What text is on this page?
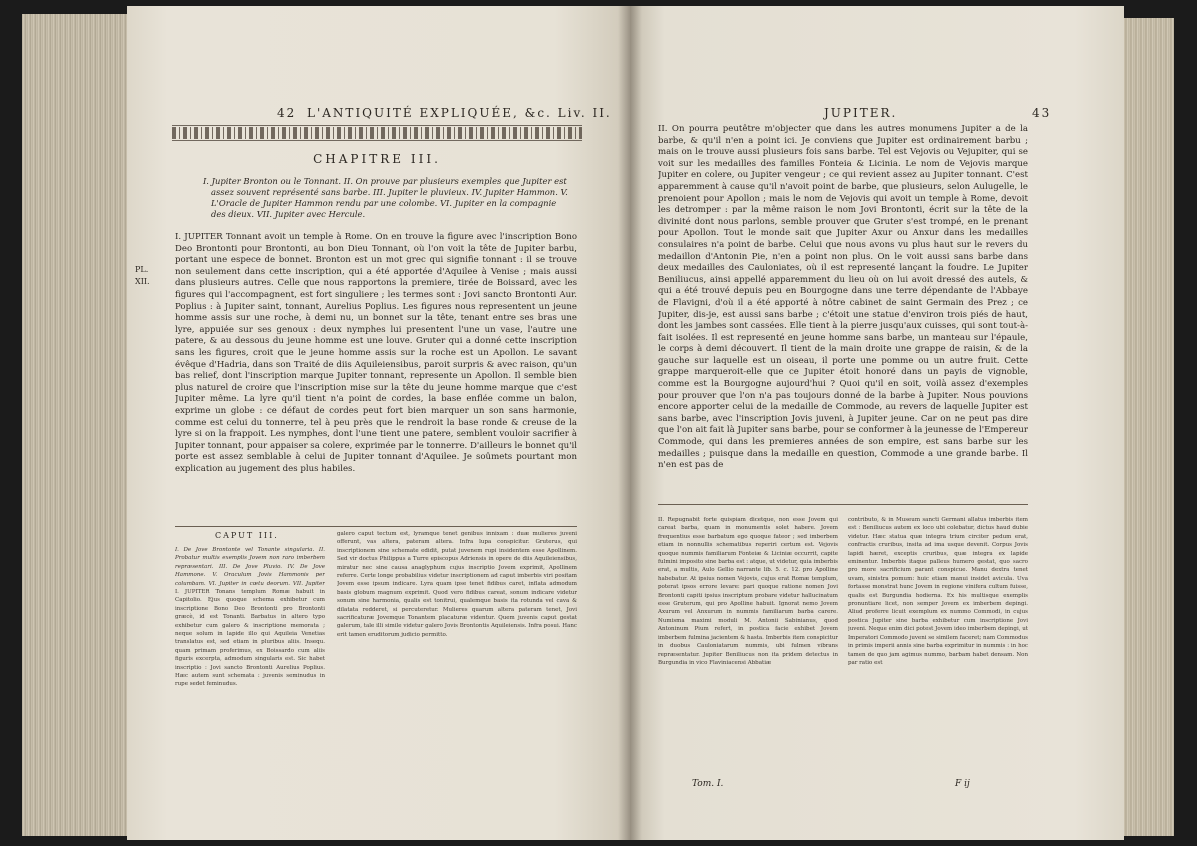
42 L'ANTIQUITÉ EXPLIQUÉE, &c. Liv. II.
CHAPITRE III.
I. Jupiter Bronton ou le Tonnant. II. On prouve par plusieurs exemples que Jupiter est assez souvent représenté sans barbe. III. Jupiter le pluvieux. IV. Jupiter Hammon. V. L'Oracle de Jupiter Hammon rendu par une colombe. VI. Jupiter en la compagnie des dieux. VII. Jupiter avec Hercule.
PL. XII.
I. JUPITER Tonnant avoit un temple à Rome. On en trouve la figure avec l'inscription Bono Deo Brontonti pour Brontonti, au bon Dieu Tonnant, où l'on voit la tête de Jupiter barbu, portant une espece de bonnet. Bronton est un mot grec qui signifie tonnant : il se trouve non seulement dans cette inscription, qui a été apportée d'Aquilee à Venise ; mais aussi dans plusieurs autres. Celle que nous rapportons la premiere, tirée de Boissard, avec les figures qui l'accompagnent, est fort singuliere ; les termes sont : Jovi sancto Brontonti Aur. Poplius : à Jupiter saint, tonnant, Aurelius Poplius. Les figures nous representent un jeune homme assis sur une roche, à demi nu, un bonnet sur la tête, tenant entre ses bras une lyre, appuiée sur ses genoux : deux nymphes lui presentent l'une un vase, l'autre une patere, & au dessous du jeune homme est une louve. Gruter qui a donné cette inscription sans les figures, croit que le jeune homme assis sur la roche est un Apollon. Le savant évêque d'Hadria, dans son Traité de diis Aquileiensibus, paroit surpris & avec raison, qu'un bas relief, dont l'inscription marque Jupiter tonnant, represente un Apollon. Il semble bien plus naturel de croire que l'inscription mise sur la tête du jeune homme marque que c'est Jupiter même. La lyre qu'il tient n'a point de cordes, la base enflée comme un balon, exprime un globe : ce défaut de cordes peut fort bien marquer un son sans harmonie, comme est celui du tonnerre, tel à peu près que le rendroit la base ronde & creuse de la lyre si on la frappoit. Les nymphes, dont l'une tient une patere, semblent vouloir sacrifier à Jupiter tonnant, pour appaiser sa colere, exprimée par le tonnerre. D'ailleurs le bonnet qu'il porte est assez semblable à celui de Jupiter tonnant d'Aquilee. Je soûmets pourtant mon explication au jugement des plus habiles.
CAPUT III.
I. De Jove Brontonte vel Tonante singularia. II. Probatur multis exemplis Jovem non raro imberbem repræsentari. III. De Jove Pluvio. IV. De Jove Hammone. V. Oraculum Jovis Hammonis per columbam. VI. Jupiter in cœtu deorum. VII. Jupiter
I. JUPITER Tonans templum Romæ habuit in Capitolio. Ejus quoque schema exhibetur cum inscriptione Bono Deo Brontonti pro Brontonti græcè, id est Tonanti. Barbatus in altero typo exhibetur cum galero & inscriptione memorata ; neque solum in lapide illo qui Aquileia Venetias translatus est, sed etiam in pluribus aliis. Insequ. quam primam proferimus, ex Boissardo cum aliis figuris excerpta, admodum singularis est. Sic habet inscriptio : Jovi sancto Brontonti Aurelius Poplius. Hæc autem sunt schemata : juvenis seminudus in rupe sedet feminudus.
galero caput tectum est, lyramque tenet genibus innixam : duæ mulieres juveni offerunt, vas altera, pateram altera. Infra lupa conspicitur. Gruterus, qui inscriptionem sine schemate edidit, putat juvenem rupi insidentem esse Apollinem. Sed vir doctus Philippus a Turre episcopus Adriensis in opere de diis Aquileiensibus, miratur nec sine causa anaglyphum cujus inscriptio Jovem exprimit, Apollinem referre. Certe longe probabilius videtur inscriptionem ad caput imberbis viri positam Jovem esse ipsum indicare. Lyra quam ipse tenet fidibus caret, inflata admodum basis globum magnum exprimit. Quod vero fidibus careat, sonum indicare videtur sonum sine harmonia, qualis est tonitrui, qualemque basis ita rotunda vel cava & dilatata redderet, si percuteretur. Mulieres quarum altera pateram tenet, Jovi sacrificaturæ Jovemque Tonantem placaturæ videntur. Quem juvenis caput gestat galerum, tale illi simile videtur galero Jovis Brontontis Aquileiensis. Infra posui. Hanc erit tamen eruditorum judicio permitto.
JUPITER.	43
II. On pourra peutêtre m'objecter que dans les autres monumens Jupiter a de la barbe, & qu'il n'en a point ici. Je conviens que Jupiter est ordinairement barbu ; mais on le trouve aussi plusieurs fois sans barbe. Tel est Vejovis ou Vejupiter, qui se voit sur les medailles des familles Fonteia & Licinia. Le nom de Vejovis marque Jupiter en colere, ou Jupiter vengeur ; ce qui revient assez au Jupiter tonnant. C'est apparemment à cause qu'il n'avoit point de barbe, que plusieurs, selon Aulugelle, le prenoient pour Apollon ; mais le nom de Vejovis qui avoit un temple à Rome, devoit les detromper : par la même raison le nom Jovi Brontonti, écrit sur la tête de la divinité dont nous parlons, semble prouver que Gruter s'est trompé, en le prenant pour Apollon. Tout le monde sait que Jupiter Axur ou Anxur dans les medailles consulaires n'a point de barbe. Celui que nous avons vu plus haut sur le revers du medaillon d'Antonin Pie, n'en a point non plus. On le voit aussi sans barbe dans deux medailles des Cauloniates, où il est representé lançant la foudre. Le Jupiter Beniliucus, ainsi appellé apparemment du lieu où on lui avoit dressé des autels, & qui a été trouvé depuis peu en Bourgogne dans une terre dépendante de l'Abbaye de Flavigni, d'où il a été apporté à nôtre cabinet de saint Germain des Prez ; ce Jupiter, dis-je, est aussi sans barbe ; c'étoit une statue d'environ trois piés de haut, dont les jambes sont cassées. Elle tient à la pierre jusqu'aux cuisses, qui sont tout-à-fait isolées. Il est representé en jeune homme sans barbe, un manteau sur l'épaule, le corps à demi découvert. Il tient de la main droite une grappe de raisin, & de la gauche sur laquelle est un oiseau, il porte une pomme ou un autre fruit. Cette grappe marqueroit-elle que ce Jupiter étoit honoré dans un payis de vignoble, comme est la Bourgogne aujourd'hui ? Quoi qu'il en soit, voilà assez d'exemples pour prouver que l'on n'a pas toujours donné de la barbe à Jupiter. Nous pouvions encore apporter celui de la medaille de Commode, au revers de laquelle Jupiter est sans barbe, avec l'inscription Jovis juveni, à Jupiter jeune. Car on ne peut pas dire que l'on ait fait là Jupiter sans barbe, pour se conformer à la jeunesse de l'Empereur Commode, qui dans les premieres années de son empire, est sans barbe sur les medailles ; puisque dans la medaille en question, Commode a une grande barbe. Il n'en est pas de
II. Repugnabit forte quispiam dicetque, non esse Jovem qui careat barba, quam in monumentis solet habere. Jovem frequentius esse barbatum ego quoque fateor ; sed imberbem etiam in nonnullis schematibus reperiri certum est. Vejovis quoque nummis familiarum Fonteiæ & Liciniæ occurrit, capite fulmini imposito sine barba est : atque, ut videtur, quia imberbis erat, a multis, Aulo Gellio narrante lib. 5. c. 12. pro Apolline habebatur. At ipsius nomen Vejovis, cujus erat Romæ templum, poterat ipsos errore levare: pari quoque ratione nomen Jovi Brontonti capiti ipsius inscriptum probare videtur hallucinatum esse Gruterum, qui pro Apolline habuit. Ignorat nemo Jovem Axurum vel Anxurum in nummis familiarum barba carere. Numisma maximi moduli M. Antonii Sabinianus, quod Antoninum Pium refert, in postica facie exhibet Jovem imberbem fulmina jacientem & hasta. Imberbis item conspicitur in duobus Cauloniatarum nummis, ubi fulmen vibrans repræsentatur. Jupiter Beniliucus non ita pridem detectus in Burgundia in vico Flaviniacensi Abbatiæ
contributo, & in Museum sancti Germani allatus imberbis item est : Beniliucus autem ex loco ubi colebatur, dictus haud dubie videtur. Hæc statua quæ integra trium circiter pedum erat, confractis cruribus, insita ad ima usque devenit. Corpus Jovis lapidi hæret, exceptis cruribus, quæ integra ex lapide eminentur. Imberbis itaque palleus humero gestat, quo sacro pro more sacrificium parant conspicue. Manu dextra tenet uvam, sinistra pomum: huic etiam manui insidet avicula. Uva fortasse monstrat hunc Jovem in regione vinifera cultum fuisse, qualis est Burgundia hodierna. Ex his multisque exemplis pronuntiare licet, non semper Jovem ex imberbem depingi. Aliud proferre licuit exemplum ex nummo Commodi, in cujus postica Jupiter sine barba exhibetur cum inscriptione Jovi juveni. Neque enim dici potest Jovem ideo imberbem depingi, ut Imperatori Commodo juveni se similem faceret; nam Commodus in primis imperii annis sine barba exprimitur in nummis : in hoc tamen de quo jam agimus nummo, barbam habet densam. Non par ratio est
Tom. I.	F ij
